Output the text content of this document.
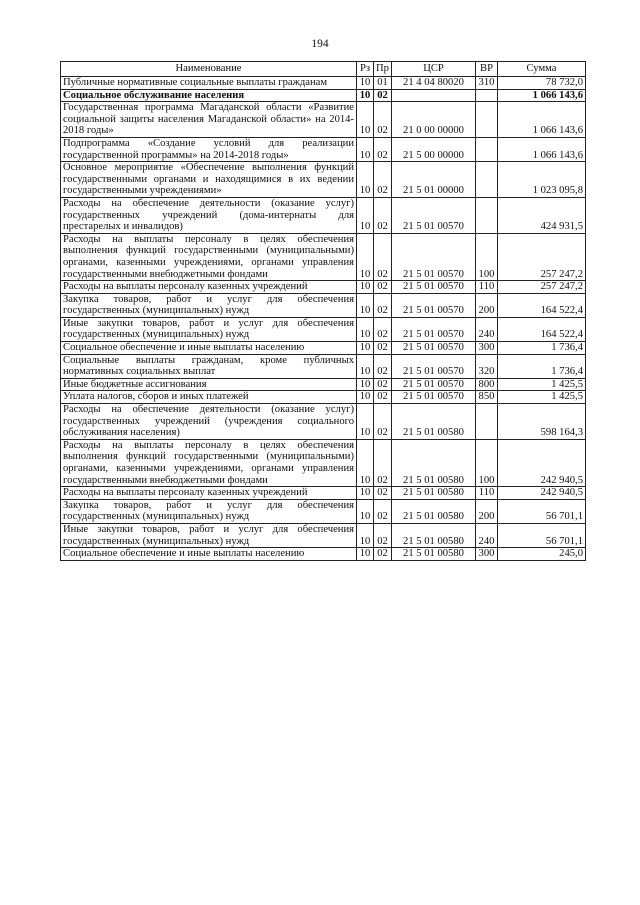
194
Наименование	Рз	Пр	ЦСР	ВР	Сумма
Публичные нормативные социальные выплаты гражданам	10	01	21 4 04 80020	310	78 732,0
Социальное обслуживание населения	10	02			1 066 143,6
Государственная программа Магаданской области «Развитие социальной защиты населения Магаданской области» на 2014-2018 годы»	10	02	21 0 00 00000		1 066 143,6
Подпрограмма «Создание условий для реализации государственной программы» на 2014-2018 годы»	10	02	21 5 00 00000		1 066 143,6
Основное мероприятие «Обеспечение выполнения функций государственными органами и находящимися в их ведении государственными учреждениями»	10	02	21 5 01 00000		1 023 095,8
Расходы на обеспечение деятельности (оказание услуг) государственных учреждений (дома-интернаты для престарелых и инвалидов)	10	02	21 5 01 00570		424 931,5
Расходы на выплаты персоналу в целях обеспечения выполнения функций государственными (муниципальными) органами, казенными учреждениями, органами управления государственными внебюджетными фондами	10	02	21 5 01 00570	100	257 247,2
Расходы на выплаты персоналу казенных учреждений	10	02	21 5 01 00570	110	257 247,2
Закупка товаров, работ и услуг для обеспечения государственных (муниципальных) нужд	10	02	21 5 01 00570	200	164 522,4
Иные закупки товаров, работ и услуг для обеспечения государственных (муниципальных) нужд	10	02	21 5 01 00570	240	164 522,4
Социальное обеспечение и иные выплаты населению	10	02	21 5 01 00570	300	1 736,4
Социальные выплаты гражданам, кроме публичных нормативных социальных выплат	10	02	21 5 01 00570	320	1 736,4
Иные бюджетные ассигнования	10	02	21 5 01 00570	800	1 425,5
Уплата налогов, сборов и иных платежей	10	02	21 5 01 00570	850	1 425,5
Расходы на обеспечение деятельности (оказание услуг) государственных учреждений (учреждения социального обслуживания населения)	10	02	21 5 01 00580		598 164,3
Расходы на выплаты персоналу в целях обеспечения выполнения функций государственными (муниципальными) органами, казенными учреждениями, органами управления государственными внебюджетными фондами	10	02	21 5 01 00580	100	242 940,5
Расходы на выплаты персоналу казенных учреждений	10	02	21 5 01 00580	110	242 940,5
Закупка товаров, работ и услуг для обеспечения государственных (муниципальных) нужд	10	02	21 5 01 00580	200	56 701,1
Иные закупки товаров, работ и услуг для обеспечения государственных (муниципальных) нужд	10	02	21 5 01 00580	240	56 701,1
Социальное обеспечение и иные выплаты населению	10	02	21 5 01 00580	300	245,0
